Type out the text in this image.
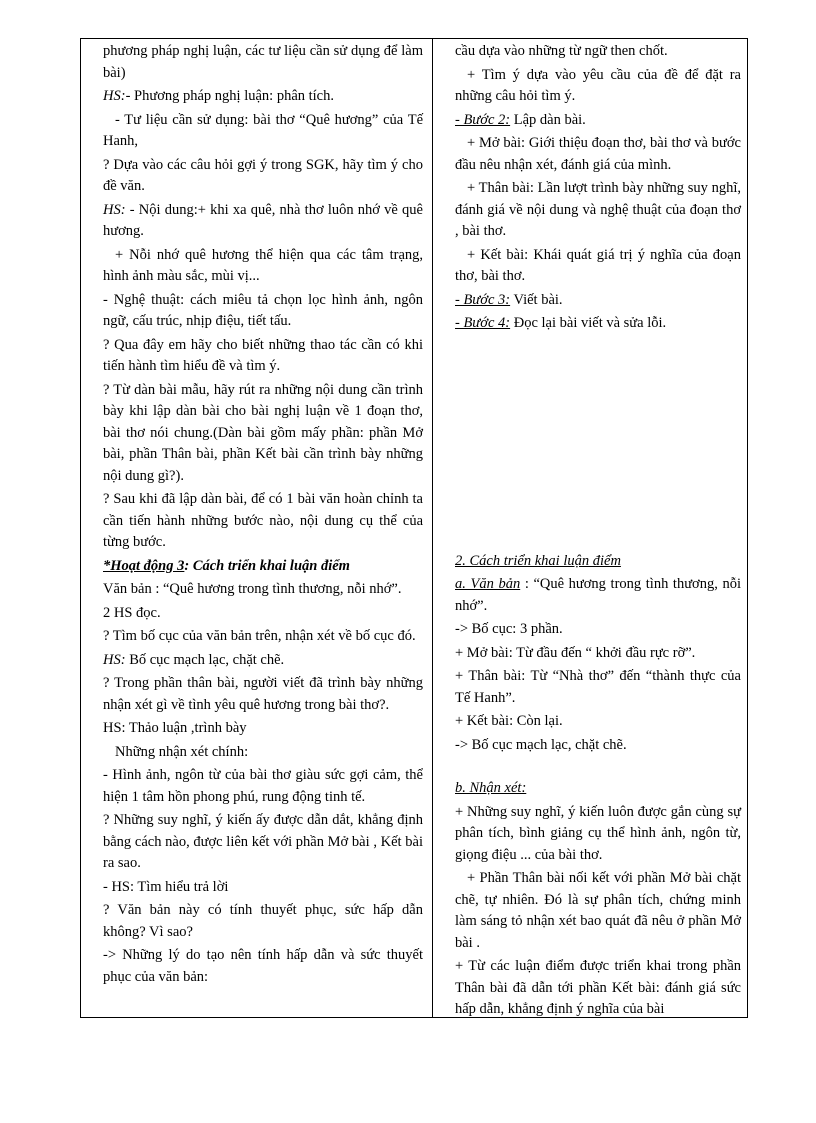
phương pháp nghị luận, các tư liệu cần sử dụng để làm bài)

HS:- Phương pháp nghị luận: phân tích.

- Tư liệu cần sử dụng: bài thơ “Quê hương” của Tế Hanh,

? Dựa vào các câu hỏi gợi ý trong SGK, hãy tìm ý cho đề văn.

HS: - Nội dung:+ khi xa quê, nhà thơ luôn nhớ về quê hương.

+ Nỗi nhớ quê hương thể hiện qua các tâm trạng, hình ảnh màu sắc, mùi vị...

- Nghệ thuật: cách miêu tả chọn lọc hình ảnh, ngôn ngữ, cấu trúc, nhịp điệu, tiết tấu.

? Qua đây em hãy cho biết những thao tác cần có khi tiến hành tìm hiểu đề và tìm ý.

? Từ dàn bài mẫu, hãy rút ra những nội dung cần trình bày khi lập dàn bài cho bài nghị luận về 1 đoạn thơ, bài thơ nói chung.(Dàn bài gồm mấy phần: phần Mở bài, phần Thân bài, phần Kết bài cần trình bày những nội dung gì?).

? Sau khi đã lập dàn bài, để có 1 bài văn hoàn chỉnh ta cần tiến hành những bước nào, nội dung cụ thể của từng bước.

*Hoạt động 3: Cách triển khai luận điểm

Văn bản : “Quê hương trong tình thương, nỗi nhớ”.

2 HS đọc.

? Tìm bố cục của văn bản trên, nhận xét về bố cục đó.

HS: Bố cục mạch lạc, chặt chẽ.

? Trong phần thân bài, người viết đã trình bày những nhận xét gì về tình yêu quê hương trong bài thơ?.

HS: Thảo luận ,trình bày

Những nhận xét chính:

- Hình ảnh, ngôn từ của bài thơ giàu sức gợi cảm, thể hiện 1 tâm hồn phong phú, rung động tinh tế.

? Những suy nghĩ, ý kiến ấy được dẫn dắt, khẳng định bằng cách nào, được liên kết với phần Mở bài , Kết bài ra sao.

- HS: Tìm hiểu trả lời

? Văn bản này có tính thuyết phục, sức hấp dẫn không? Vì sao?

-> Những lý do tạo nên tính hấp dẫn và sức thuyết phục của văn bản:

cầu dựa vào những từ ngữ then chốt.

+ Tìm ý dựa vào yêu cầu của đề để đặt ra những câu hỏi tìm ý.

- Bước 2: Lập dàn bài.

+ Mở bài: Giới thiệu đoạn thơ, bài thơ và bước đầu nêu nhận xét, đánh giá của mình.

+ Thân bài: Lần lượt trình bày những suy nghĩ, đánh giá về nội dung và nghệ thuật của đoạn thơ , bài thơ.

+ Kết bài: Khái quát giá trị ý nghĩa của đoạn thơ, bài thơ.

- Bước 3: Viết bài.

- Bước 4: Đọc lại bài viết và sửa lỗi.

2. Cách triển khai luận điểm

a. Văn bản : “Quê hương trong tình thương, nỗi nhớ”.

-> Bố cục: 3 phần.

+ Mở bài: Từ đầu đến “ khởi đầu rực rỡ”.

+ Thân bài: Từ “Nhà thơ” đến “thành thực của Tế Hanh”.

+ Kết bài: Còn lại.

-> Bố cục mạch lạc, chặt chẽ.

b. Nhận xét:

+ Những suy nghĩ, ý kiến luôn được gắn cùng sự phân tích, bình giảng cụ thể hình ảnh, ngôn từ, giọng điệu ... của bài thơ.

+ Phần Thân bài nối kết với phần Mở bài chặt chẽ, tự nhiên. Đó là sự phân tích, chứng minh làm sáng tỏ nhận xét bao quát đã nêu ở phần Mở bài .

+ Từ các luận điểm được triển khai trong phần Thân bài đã dẫn tới phần Kết bài: đánh giá sức hấp dẫn, khẳng định ý nghĩa của bài
